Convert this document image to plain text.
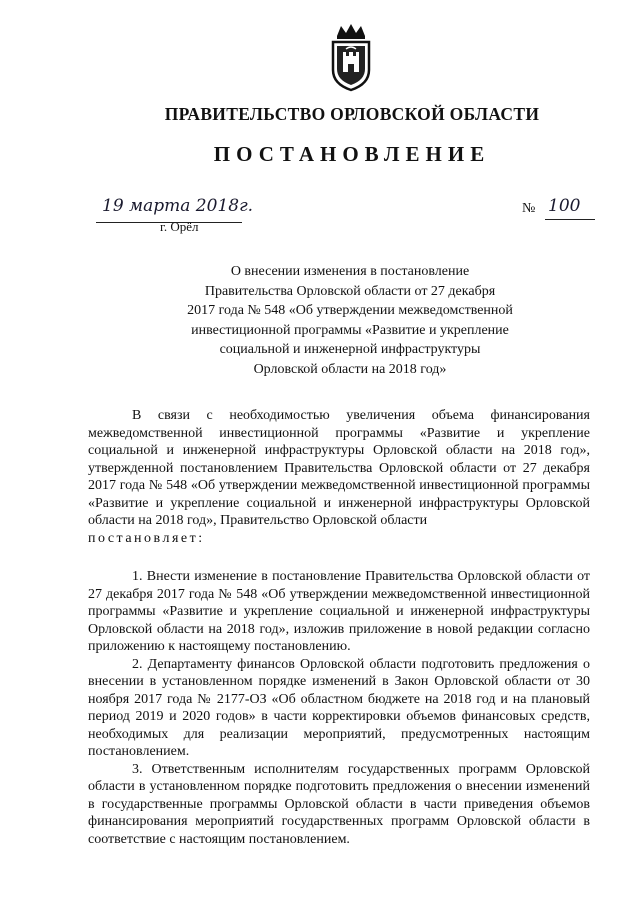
ПРАВИТЕЛЬСТВО ОРЛОВСКОЙ ОБЛАСТИ
ПОСТАНОВЛЕНИЕ
19 марта 2018г.
г. Орёл
№ 100
О внесении изменения в постановление
Правительства Орловской области от 27 декабря
2017 года № 548 «Об утверждении межведомственной
инвестиционной программы «Развитие и укрепление
социальной и инженерной инфраструктуры
Орловской области на 2018 год»

В связи с необходимостью увеличения объема финансирования межведомственной инвестиционной программы «Развитие и укрепление социальной и инженерной инфраструктуры Орловской области на 2018 год», утвержденной постановлением Правительства Орловской области от 27 декабря 2017 года № 548 «Об утверждении межведомственной инвестиционной программы «Развитие и укрепление социальной и инженерной инфраструктуры Орловской области на 2018 год», Правительство Орловской области
постановляет:

1. Внести изменение в постановление Правительства Орловской области от 27 декабря 2017 года № 548 «Об утверждении межведомственной инвестиционной программы «Развитие и укрепление социальной и инженерной инфраструктуры Орловской области на 2018 год», изложив приложение в новой редакции согласно приложению к настоящему постановлению.

2. Департаменту финансов Орловской области подготовить предложения о внесении в установленном порядке изменений в Закон Орловской области от 30 ноября 2017 года № 2177-ОЗ «Об областном бюджете на 2018 год и на плановый период 2019 и 2020 годов» в части корректировки объемов финансовых средств, необходимых для реализации мероприятий, предусмотренных настоящим постановлением.

3. Ответственным исполнителям государственных программ Орловской области в установленном порядке подготовить предложения о внесении изменений в государственные программы Орловской области в части приведения объемов финансирования мероприятий государственных программ Орловской области в соответствие с настоящим постановлением.
